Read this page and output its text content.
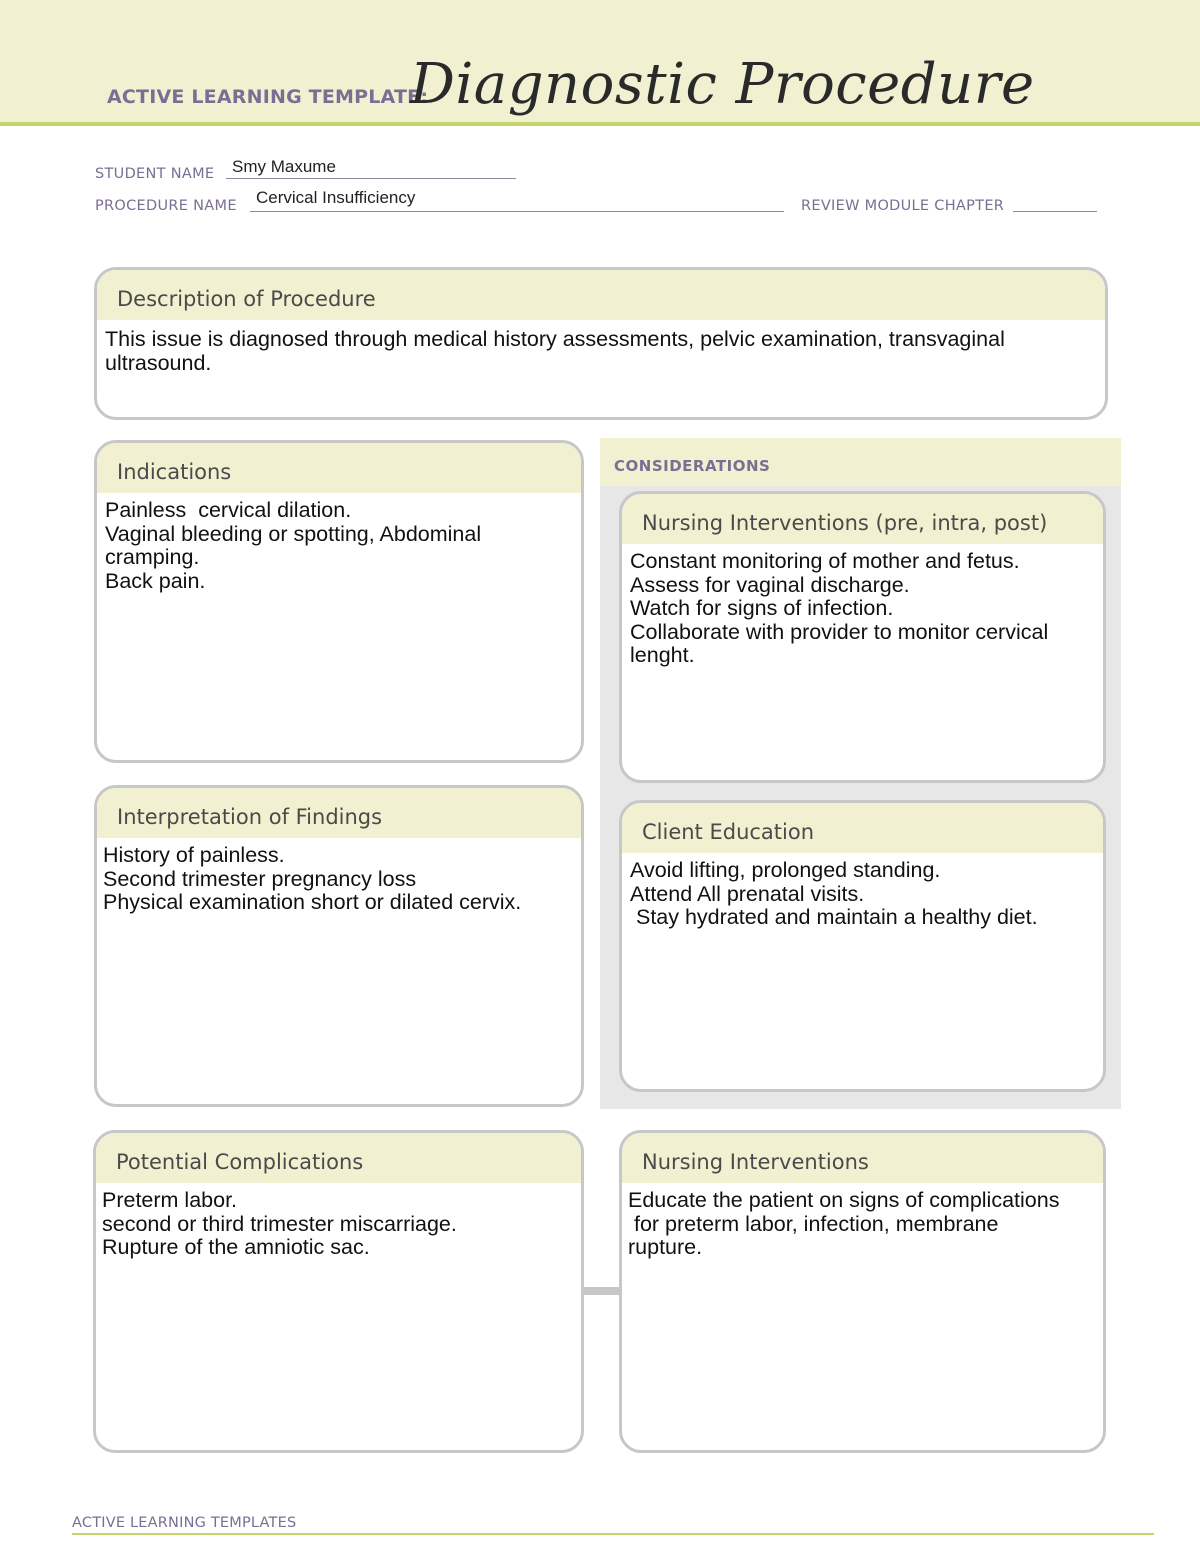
ACTIVE LEARNING TEMPLATE:
Diagnostic Procedure
STUDENT NAME Smy Maxume
PROCEDURE NAME Cervical Insufficiency	REVIEW MODULE CHAPTER
Description of Procedure
This issue is diagnosed through medical history assessments, pelvic examination, transvaginal
ultrasound.
CONSIDERATIONS
Indications
Painless  cervical dilation.
Vaginal bleeding or spotting, Abdominal
cramping.
Back pain.
Nursing Interventions (pre, intra, post)
Constant monitoring of mother and fetus.
Assess for vaginal discharge.
Watch for signs of infection.
Collaborate with provider to monitor cervical
lenght.
Interpretation of Findings
History of painless.
Second trimester pregnancy loss
Physical examination short or dilated cervix.
Client Education
Avoid lifting, prolonged standing.
Attend All prenatal visits.
Stay hydrated and maintain a healthy diet.
Potential Complications
Preterm labor.
second or third trimester miscarriage.
Rupture of the amniotic sac.
Nursing Interventions
Educate the patient on signs of complications
for preterm labor, infection, membrane
rupture.
ACTIVE LEARNING TEMPLATES
